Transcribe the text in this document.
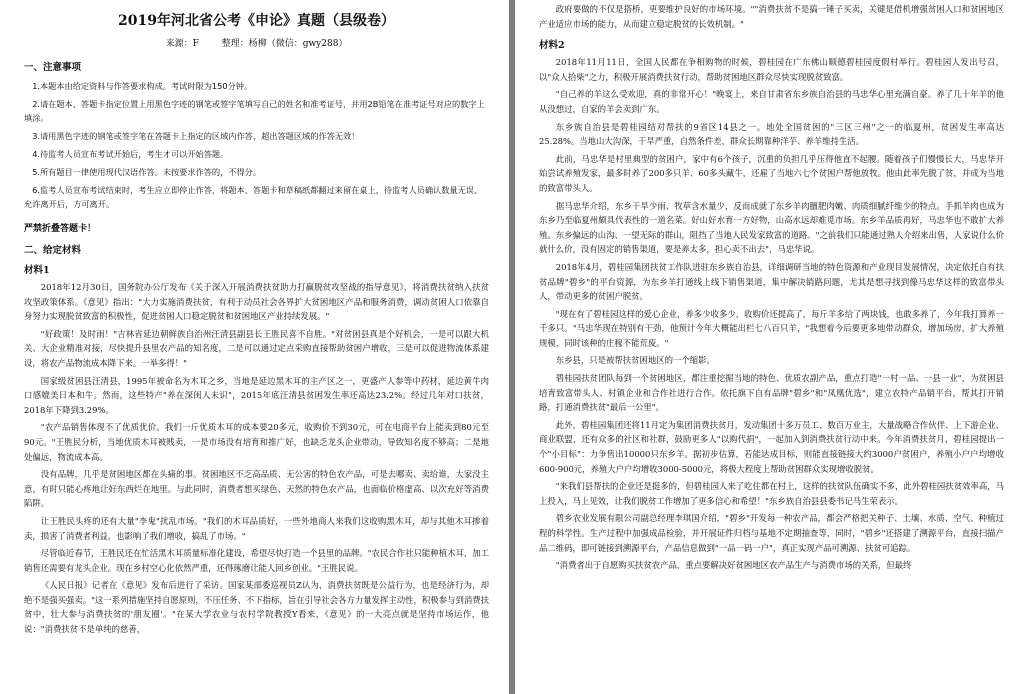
2019年河北省公考《申论》真题（县级卷）
来源：F	整理：杨柳（微信：gwy288）
一、注意事项
1.本题本由给定资料与作答要求构成。考试时限为150分钟。
2.请在题本、答题卡指定位置上用黑色字迹的钢笔或签字笔填写自己的姓名和准考证号，并用2B铅笔在准考证号对应的数字上填涂。
3.请用黑色字迹的钢笔或签字笔在答题卡上指定的区域内作答，超出答题区域的作答无效！
4.待监考人员宣布考试开始后，考生才可以开始答题。
5.所有题目一律使用现代汉语作答。未按要求作答的，不得分。
6.监考人员宣布考试结束时，考生应立即停止作答，将题本、答题卡和草稿纸都翻过来留在桌上，待监考人员确认数量无误、允许离开后，方可离开。
严禁折叠答题卡！
二、给定材料
材料1

2018年12月30日，国务院办公厅发布《关于深入开展消费扶贫助力打赢脱贫攻坚战的指导意见》，将消费扶贫纳入扶贫攻坚政策体系。《意见》指出："大力实施消费扶贫，有利于动员社会各界扩大贫困地区产品和服务消费，调动贫困人口依靠自身努力实现脱贫致富的积极性，促进贫困人口稳定脱贫和贫困地区产业持续发展。"

"好政策！及时雨！"吉林省延边朝鲜族自治州汪清县副县长王胜民喜不自胜。"对贫困县真是个好机会，一是可以跟大机关、大企业精准对接，尽快提升县里农产品的知名度，二是可以通过定点采购直接帮助贫困户增收，三是可以促进物流体系建设，将农产品物流成本降下来。一举多得！"

国家级贫困县汪清县，1995年被命名为木耳之乡，当地是延边黑木耳的主产区之一，更盛产人参等中药材，延边黄牛肉口感媲美日本和牛。然而，这些特产"养在深闺人未识"，2015年底汪清县贫困发生率还高达23.2%。经过几年对口扶贫，2018年下降到3.29%。

"农产品销售体现不了优质优价。我们一斤优质木耳的成本要20多元，收购价不到30元，可在电商平台上能卖到80元至90元。"王胜民分析，当地优质木耳被贱卖，一是市场没有培育和推广好，也缺乏龙头企业带动，导致知名度不够高；二是地处偏远，物流成本高。

没有品牌，几乎是贫困地区都在头痛的事。贫困地区不乏高品质、无公害的特色农产品，可是去哪卖、卖给谁，大家没主意，有时只能心疼地让好东西烂在地里。与此同时，消费者想买绿色、天然的特色农产品，也面临价格虚高、以次充好等消费陷阱。

让王胜民头疼的还有大量"李鬼"扰乱市场。"我们的木耳品质好，一些外地商人来我们这收购黑木耳，却与其他木耳掺着卖，损害了消费者利益，也影响了我们增收，搞乱了市场。"

尽管临近春节，王胜民还在忙活黑木耳质量标准化建设，希望尽快打造一个县里的品牌。"农民合作社只能种植木耳，加工销售还需要有龙头企业。现在乡村空心化依然严重，还得琢磨让能人回乡创业。"王胜民说。

《人民日报》记者在《意见》发布后进行了采访。国家某部委巡视员Z认为，消费扶贫既是公益行为，也是经济行为，却绝不是强买强卖。"这一系列措施坚持自愿原则，不压任务、不下指标，旨在引导社会各方力量发挥主动性，积极参与到消费扶贫中，壮大参与消费扶贫的'朋友圈'。"在某大学农业与农村学院教授Y看来，《意见》的一大亮点就是坚持市场运作，他说："消费扶贫不是单纯的慈善，

政府要做的不仅是搭桥，更要维护良好的市场环境。""消费扶贫不是搞一锤子买卖，关键是借机增强贫困人口和贫困地区产业适应市场的能力，从而建立稳定脱贫的长效机制。"

材料2

2018年11月11日，全国人民都在争相购物的时候，碧桂园在广东佛山顺德碧桂园度假村举行。碧桂园人发出号召，以"众人拾柴"之力，积极开展消费扶贫行动，帮助贫困地区群众尽快实现脱贫致富。

"自己养的羊这么受欢迎，真的非常开心！"晚宴上，来自甘肃省东乡族自治县的马忠华心里充满自豪。养了几十年羊的他从没想过，自家的羊会卖到广东。

东乡族自治县是碧桂园结对帮扶的9省区14县之一。地处全国贫困的"三区三州"之一的临夏州，贫困发生率高达25.28%。当地山大沟深，干旱严重，自然条件差，群众长期靠种洋芋、养羊维持生活。

此前，马忠华是村里典型的贫困户，家中有6个孩子，沉重的负担几乎压得他直不起腰。随着孩子们慢慢长大，马忠华开始尝试养殖发家，最多时养了200多只羊、60多头藏牛，还雇了当地六七个贫困户帮他放牧。他由此率先脱了贫，并成为当地的致富带头人。

据马忠华介绍，东乡干旱少雨、牧草含水量少，反而成就了东乡羊肉膻肥肉嫩、肉质细腻纤维少的特点。手抓羊肉也成为东乡乃至临夏州颇具代表性的一道名菜。好山好水育一方好物，山高水远却难觅市场。东乡羊品质再好，马忠华也不敢扩大养殖。东乡偏远的山沟、一望无际的群山，阻挡了当地人民发家致富的道路。"之前我们只能通过熟人介绍来出售，人家说什么价就什么价，没有固定的销售渠道，要是养太多，担心卖不出去"，马忠华说。

2018年4月，碧桂园集团扶贫工作队进驻东乡族自治县，详细调研当地的特色资源和产业现目发展情况，决定依托自有扶贫品牌"碧乡"的平台资源，为东乡羊打通线上线下销售渠道，集中解决销路问题，尤其是想寻找到像马忠华这样的致富带头人，带动更多的贫困户脱贫。

"现在有了碧桂园这样的爱心企业，养多少收多少，收购价还提高了，每斤羊多给了两块钱，也敢多养了，今年我打算养一千多只。"马忠华现在特别有干劲，他预计今年大概能出栏七八百只羊，"我想着今后要更多地带动群众，增加场房，扩大养殖规模，同时该种的庄稼不能荒废。"

东乡县，只是被帮扶贫困地区的一个缩影。

碧桂园扶贫团队每到一个贫困地区，都注重挖掘当地的特色、优质农副产品，重点打造"一村一品、一县一业"，为贫困县培育致富带头人、村镇企业和合作社进行合作。依托旗下自有品牌"碧乡"和"凤凰优选"，建立农特产品销平台，帮其打开销路，打通消费扶贫"最后一公里"。

此外，碧桂园集团还将11月定为集团消费扶贫月，发动集团十多万员工、数百万业主，大量战略合作伙伴、上下游企业、商业联盟，还有众多的社区和社群，鼓励更多人"以购代捐"，一起加入到消费扶贫行动中来。今年消费扶贫月，碧桂园提出一个"小目标"：力争售出10000只东乡羊。据初步估算，若能达成目标，则能直接链接大约3000户贫困户，养殖小户户均增收600-900元，养殖大户户均增收3000-5000元，将极大程度上帮助贫困群众实现增收脱贫。

"来我们县帮扶的企业还是挺多的，但碧桂园人来了吃住都在村上，这样的扶贫队伍确实不多，此外碧桂园扶贫效率高，马上投入，马上见效，让我们脱贫工作增加了更多信心和希望！"东乡族自治县县委书记马生荣表示。

碧乡农业发展有限公司副总经理李琪国介绍，"碧乡"开发每一种农产品，都会严格把关种子、土壤、水质、空气、种植过程的科学性。生产过程中加强成品检验，并开展证件归档与基地不定期抽查等，同时，"碧乡"还搭建了溯源平台，直接扫描产品二维码，即可链接到溯源平台，产品信息做到"一品一码一户"，真正实现产品可溯源、扶贫可追踪。

"消费者出于自愿购买扶贫农产品，重点要解决好贫困地区农产品生产与消费市场的关系，但最终
